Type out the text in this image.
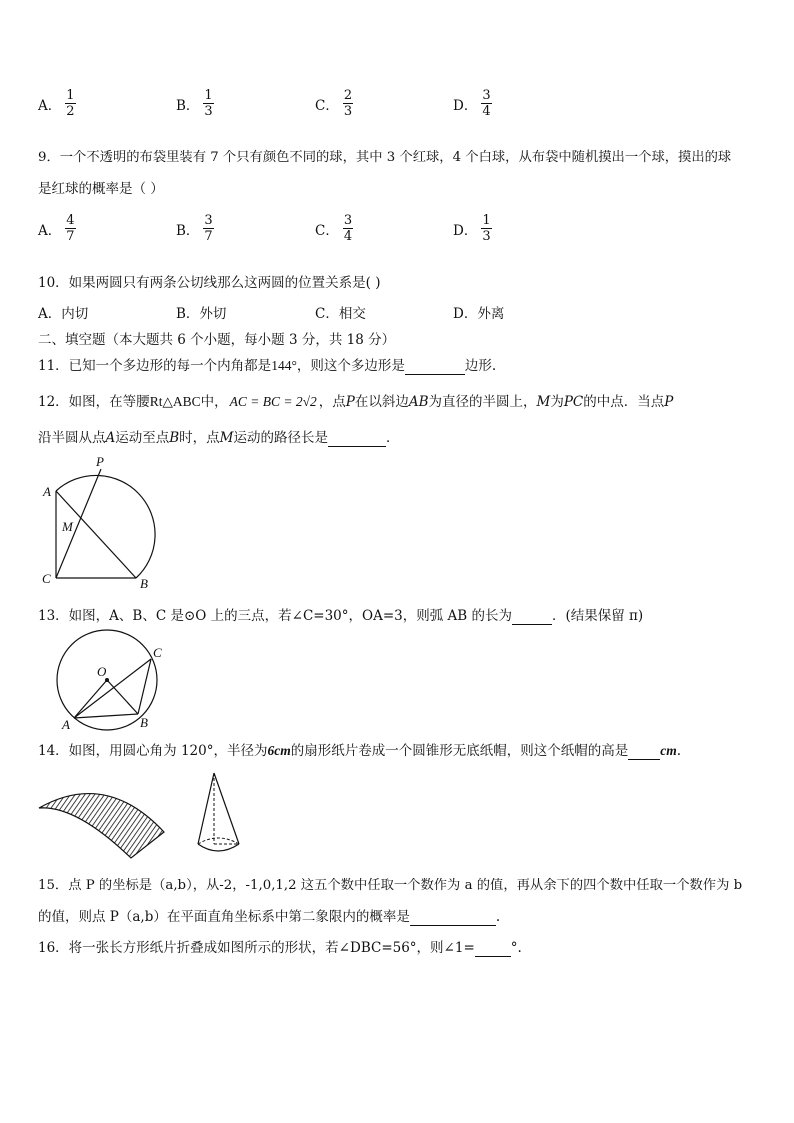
A． $\frac{1}{2}$	B． $\frac{1}{3}$	C． $\frac{2}{3}$	D． $\frac{3}{4}$
9．一个不透明的布袋里装有 7 个只有颜色不同的球，其中 3 个红球，4 个白球，从布袋中随机摸出一个球，摸出的球
是红球的概率是（ ）
A． $\frac{4}{7}$	B． $\frac{3}{7}$	C． $\frac{3}{4}$	D． $\frac{1}{3}$
10．如果两圆只有两条公切线那么这两圆的位置关系是( )
A．内切	B．外切	C．相交	D．外离
二、填空题（本大题共 6 个小题，每小题 3 分，共 18 分）
11．已知一个多边形的每一个内角都是144°，则这个多边形是	边形.
12．如图，在等腰Rt△ABC中， AC = BC = 2√2 ，点P在以斜边AB为直径的半圆上，M为PC的中点．当点P
沿半圆从点A运动至点B时，点M运动的路径长是	．
P
A
M
C	B
13．如图，A、B、C 是⊙O 上的三点，若∠C=30°，OA=3，则弧 AB 的长为	．(结果保留 π)
O
C
A	B
14．如图，用圆心角为 120°，半径为6cm的扇形纸片卷成一个圆锥形无底纸帽，则这个纸帽的高是 cm.
15．点 P 的坐标是（a,b），从-2，-1,0,1,2 这五个数中任取一个数作为 a 的值，再从余下的四个数中任取一个数作为 b
的值，则点 P（a,b）在平面直角坐标系中第二象限内的概率是	.
16．将一张长方形纸片折叠成如图所示的形状，若∠DBC=56°，则∠1=	°.
